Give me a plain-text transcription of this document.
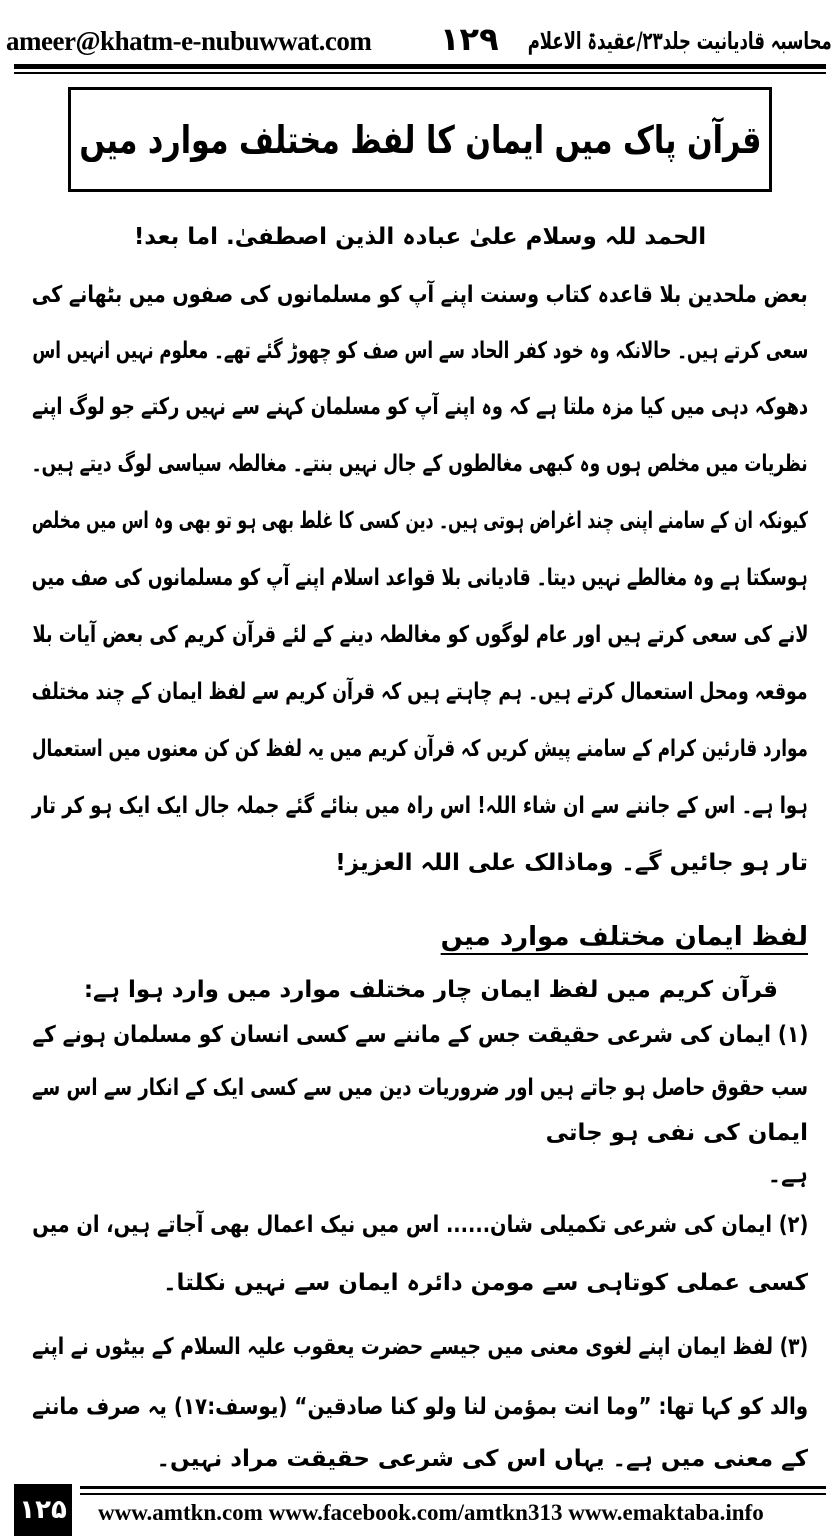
ameer@khatm-e-nubuwwat.com ۱۲۹	محاسبہ قادیانیت جلد۲۳/عقیدۃ الاعلام
قرآن پاک میں ایمان کا لفظ مختلف موارد میں
الحمد للہ وسلام علیٰ عبادہ الذین اصطفیٰ. اما بعد!
بعض ملحدین بلا قاعدہ کتاب وسنت اپنے آپ کو مسلمانوں کی صفوں میں بٹھانے کی
سعی کرتے ہیں۔ حالانکہ وہ خود کفر الحاد سے اس صف کو چھوڑ گئے تھے۔ معلوم نہیں انہیں اس
دھوکہ دہی میں کیا مزہ ملتا ہے کہ وہ اپنے آپ کو مسلمان کہنے سے نہیں رکتے جو لوگ اپنے
نظریات میں مخلص ہوں وہ کبھی مغالطوں کے جال نہیں بنتے۔ مغالطہ سیاسی لوگ دیتے ہیں۔
کیونکہ ان کے سامنے اپنی چند اغراض ہوتی ہیں۔ دین کسی کا غلط بھی ہو تو بھی وہ اس میں مخلص
ہوسکتا ہے وہ مغالطے نہیں دیتا۔ قادیانی بلا قواعد اسلام اپنے آپ کو مسلمانوں کی صف میں
لانے کی سعی کرتے ہیں اور عام لوگوں کو مغالطہ دینے کے لئے قرآن کریم کی بعض آیات بلا
موقعہ ومحل استعمال کرتے ہیں۔ ہم چاہتے ہیں کہ قرآن کریم سے لفظ ایمان کے چند مختلف
موارد قارئین کرام کے سامنے پیش کریں کہ قرآن کریم میں یہ لفظ کن کن معنوں میں استعمال
ہوا ہے۔ اس کے جاننے سے ان شاء اللہ! اس راہ میں بنائے گئے جملہ جال ایک ایک ہو کر تار
تار ہو جائیں گے۔ وماذالک علی اللہ العزیز!
لفظ ایمان مختلف موارد میں
قرآن کریم میں لفظ ایمان چار مختلف موارد میں وارد ہوا ہے:
(۱) ایمان کی شرعی حقیقت جس کے ماننے سے کسی انسان کو مسلمان ہونے کے
سب حقوق حاصل ہو جاتے ہیں اور ضروریات دین میں سے کسی ایک کے انکار سے اس سے
ایمان کی نفی ہو جاتی
ہے۔
(۲) ایمان کی شرعی تکمیلی شان...... اس میں نیک اعمال بھی آجاتے ہیں، ان میں
کسی عملی کوتاہی سے مومن دائرہ ایمان سے نہیں نکلتا۔
(۳) لفظ ایمان اپنے لغوی معنی میں جیسے حضرت یعقوب علیہ السلام کے بیٹوں نے اپنے
والد کو کہا تھا: ”وما انت بمؤمن لنا ولو کنا صادقین“ (یوسف:۱۷) یہ صرف ماننے
کے معنی میں ہے۔ یہاں اس کی شرعی حقیقت مراد نہیں۔
۱۲۵ www.amtkn.com www.facebook.com/amtkn313 www.emaktaba.info
